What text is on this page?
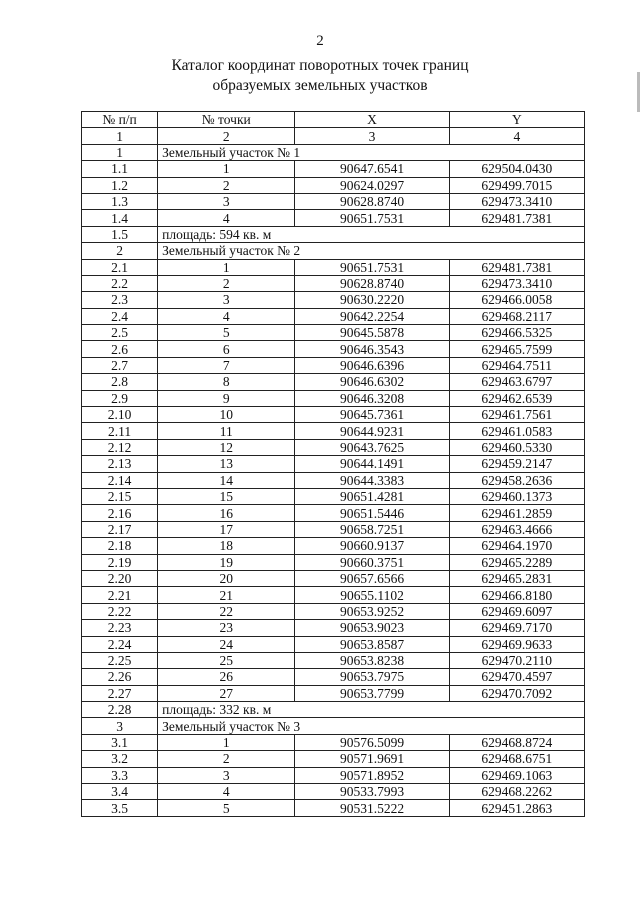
2
Каталог координат поворотных точек границ
образуемых земельных участков
№ п/п	№ точки	X	Y
1	2	3	4
1	Земельный участок № 1		
1.1	1	90647.6541	629504.0430
1.2	2	90624.0297	629499.7015
1.3	3	90628.8740	629473.3410
1.4	4	90651.7531	629481.7381
1.5	площадь: 594 кв. м		
2	Земельный участок № 2		
2.1	1	90651.7531	629481.7381
2.2	2	90628.8740	629473.3410
2.3	3	90630.2220	629466.0058
2.4	4	90642.2254	629468.2117
2.5	5	90645.5878	629466.5325
2.6	6	90646.3543	629465.7599
2.7	7	90646.6396	629464.7511
2.8	8	90646.6302	629463.6797
2.9	9	90646.3208	629462.6539
2.10	10	90645.7361	629461.7561
2.11	11	90644.9231	629461.0583
2.12	12	90643.7625	629460.5330
2.13	13	90644.1491	629459.2147
2.14	14	90644.3383	629458.2636
2.15	15	90651.4281	629460.1373
2.16	16	90651.5446	629461.2859
2.17	17	90658.7251	629463.4666
2.18	18	90660.9137	629464.1970
2.19	19	90660.3751	629465.2289
2.20	20	90657.6566	629465.2831
2.21	21	90655.1102	629466.8180
2.22	22	90653.9252	629469.6097
2.23	23	90653.9023	629469.7170
2.24	24	90653.8587	629469.9633
2.25	25	90653.8238	629470.2110
2.26	26	90653.7975	629470.4597
2.27	27	90653.7799	629470.7092
2.28	площадь: 332 кв. м		
3	Земельный участок № 3		
3.1	1	90576.5099	629468.8724
3.2	2	90571.9691	629468.6751
3.3	3	90571.8952	629469.1063
3.4	4	90533.7993	629468.2262
3.5	5	90531.5222	629451.2863
